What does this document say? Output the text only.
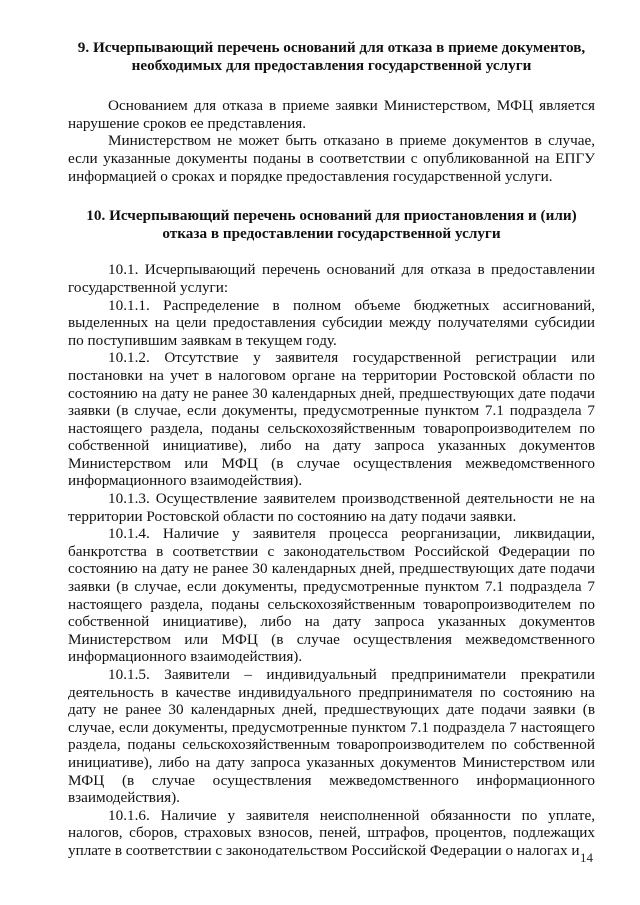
9. Исчерпывающий перечень оснований для отказа в приеме документов,
необходимых для предоставления государственной услуги

Основанием для отказа в приеме заявки Министерством, МФЦ является нарушение сроков ее представления.

Министерством не может быть отказано в приеме документов в случае, если указанные документы поданы в соответствии с опубликованной на ЕПГУ информацией о сроках и порядке предоставления государственной услуги.

10. Исчерпывающий перечень оснований для приостановления и (или)
отказа в предоставлении государственной услуги

10.1. Исчерпывающий перечень оснований для отказа в предоставлении государственной услуги:

10.1.1. Распределение в полном объеме бюджетных ассигнований, выделенных на цели предоставления субсидии между получателями субсидии по поступившим заявкам в текущем году.

10.1.2. Отсутствие у заявителя государственной регистрации или постановки на учет в налоговом органе на территории Ростовской области по состоянию на дату не ранее 30 календарных дней, предшествующих дате подачи заявки (в случае, если документы, предусмотренные пунктом 7.1 подраздела 7 настоящего раздела, поданы сельскохозяйственным товаропроизводителем по собственной инициативе), либо на дату запроса указанных документов Министерством или МФЦ (в случае осуществления межведомственного информационного взаимодействия).

10.1.3. Осуществление заявителем производственной деятельности не на территории Ростовской области по состоянию на дату подачи заявки.

10.1.4. Наличие у заявителя процесса реорганизации, ликвидации, банкротства в соответствии с законодательством Российской Федерации по состоянию на дату не ранее 30 календарных дней, предшествующих дате подачи заявки (в случае, если документы, предусмотренные пунктом 7.1 подраздела 7 настоящего раздела, поданы сельскохозяйственным товаропроизводителем по собственной инициативе), либо на дату запроса указанных документов Министерством или МФЦ (в случае осуществления межведомственного информационного взаимодействия).

10.1.5. Заявители – индивидуальный предприниматели прекратили деятельность в качестве индивидуального предпринимателя по состоянию на дату не ранее 30 календарных дней, предшествующих дате подачи заявки (в случае, если документы, предусмотренные пунктом 7.1 подраздела 7 настоящего раздела, поданы сельскохозяйственным товаропроизводителем по собственной инициативе), либо на дату запроса указанных документов Министерством или МФЦ (в случае осуществления межведомственного информационного взаимодействия).

10.1.6. Наличие у заявителя неисполненной обязанности по уплате, налогов, сборов, страховых взносов, пеней, штрафов, процентов, подлежащих уплате в соответствии с законодательством Российской Федерации о налогах и 14
